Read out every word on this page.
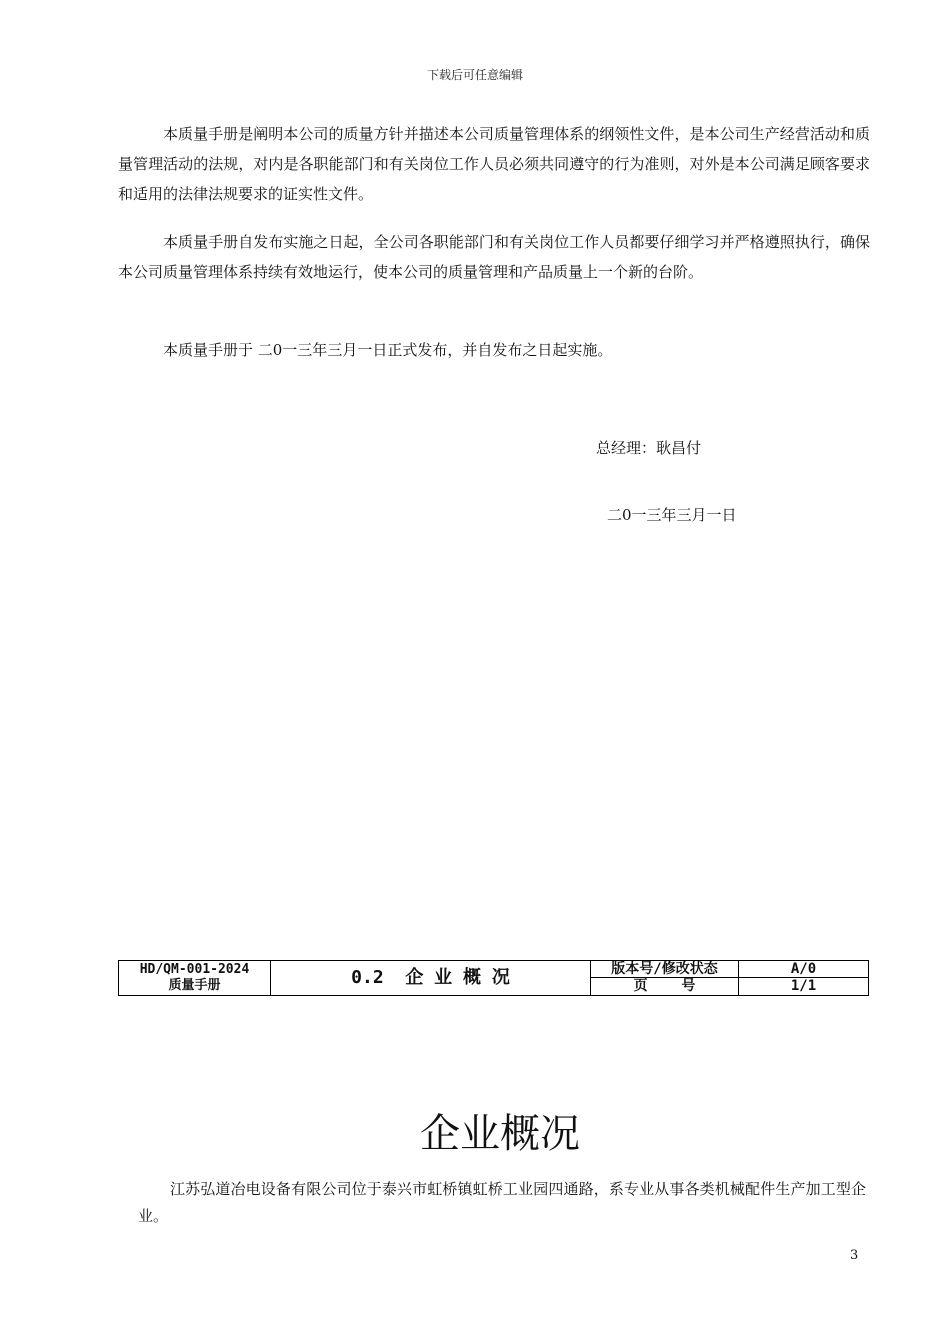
下载后可任意编辑

本质量手册是阐明本公司的质量方针并描述本公司质量管理体系的纲领性文件，是本公司生产经营活动和质量管理活动的法规，对内是各职能部门和有关岗位工作人员必须共同遵守的行为准则，对外是本公司满足顾客要求和适用的法律法规要求的证实性文件。

本质量手册自发布实施之日起，全公司各职能部门和有关岗位工作人员都要仔细学习并严格遵照执行，确保本公司质量管理体系持续有效地运行，使本公司的质量管理和产品质量上一个新的台阶。

本质量手册于 二0一三年三月一日正式发布，并自发布之日起实施。

总经理：耿昌付
二0一三年三月一日
HD/QM-001-2024
质量手册	0.2  企 业 概 况	版本号/修改状态	A/0
页    号	1/1
企业概况

江苏弘道冶电设备有限公司位于泰兴市虹桥镇虹桥工业园四通路，系专业从事各类机械配件生产加工型企业。

3
